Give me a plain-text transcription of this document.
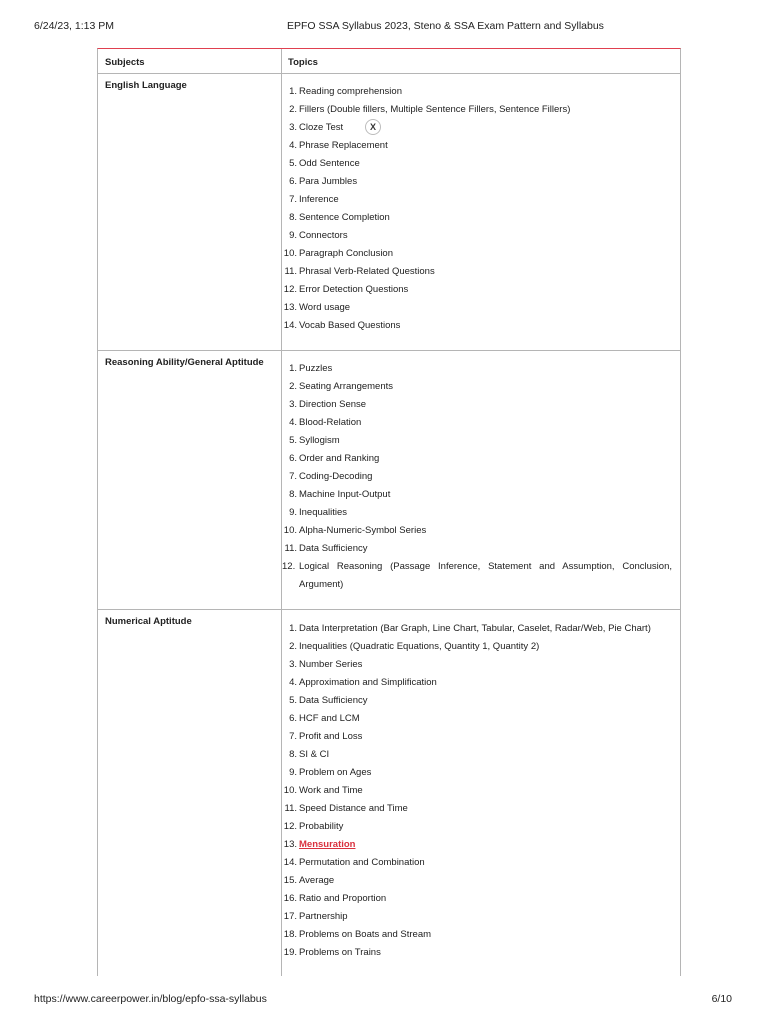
6/24/23, 1:13 PM	EPFO SSA Syllabus 2023, Steno & SSA Exam Pattern and Syllabus
Subjects	Topics
English Language
1. Reading comprehension
2. Fillers (Double fillers, Multiple Sentence Fillers, Sentence Fillers)
3. Cloze Test
4. Phrase Replacement
5. Odd Sentence
6. Para Jumbles
7. Inference
8. Sentence Completion
9. Connectors
10. Paragraph Conclusion
11. Phrasal Verb-Related Questions
12. Error Detection Questions
13. Word usage
14. Vocab Based Questions
X
Reasoning Ability/General Aptitude
1. Puzzles
2. Seating Arrangements
3. Direction Sense
4. Blood-Relation
5. Syllogism
6. Order and Ranking
7. Coding-Decoding
8. Machine Input-Output
9. Inequalities
10. Alpha-Numeric-Symbol Series
11. Data Sufficiency
12. Logical Reasoning (Passage Inference, Statement and Assumption, Conclusion, Argument)
Numerical Aptitude
1. Data Interpretation (Bar Graph, Line Chart, Tabular, Caselet, Radar/Web, Pie Chart)
2. Inequalities (Quadratic Equations, Quantity 1, Quantity 2)
3. Number Series
4. Approximation and Simplification
5. Data Sufficiency
6. HCF and LCM
7. Profit and Loss
8. SI & CI
9. Problem on Ages
10. Work and Time
11. Speed Distance and Time
12. Probability
13. Mensuration
14. Permutation and Combination
15. Average
16. Ratio and Proportion
17. Partnership
18. Problems on Boats and Stream
19. Problems on Trains
https://www.careerpower.in/blog/epfo-ssa-syllabus	6/10
